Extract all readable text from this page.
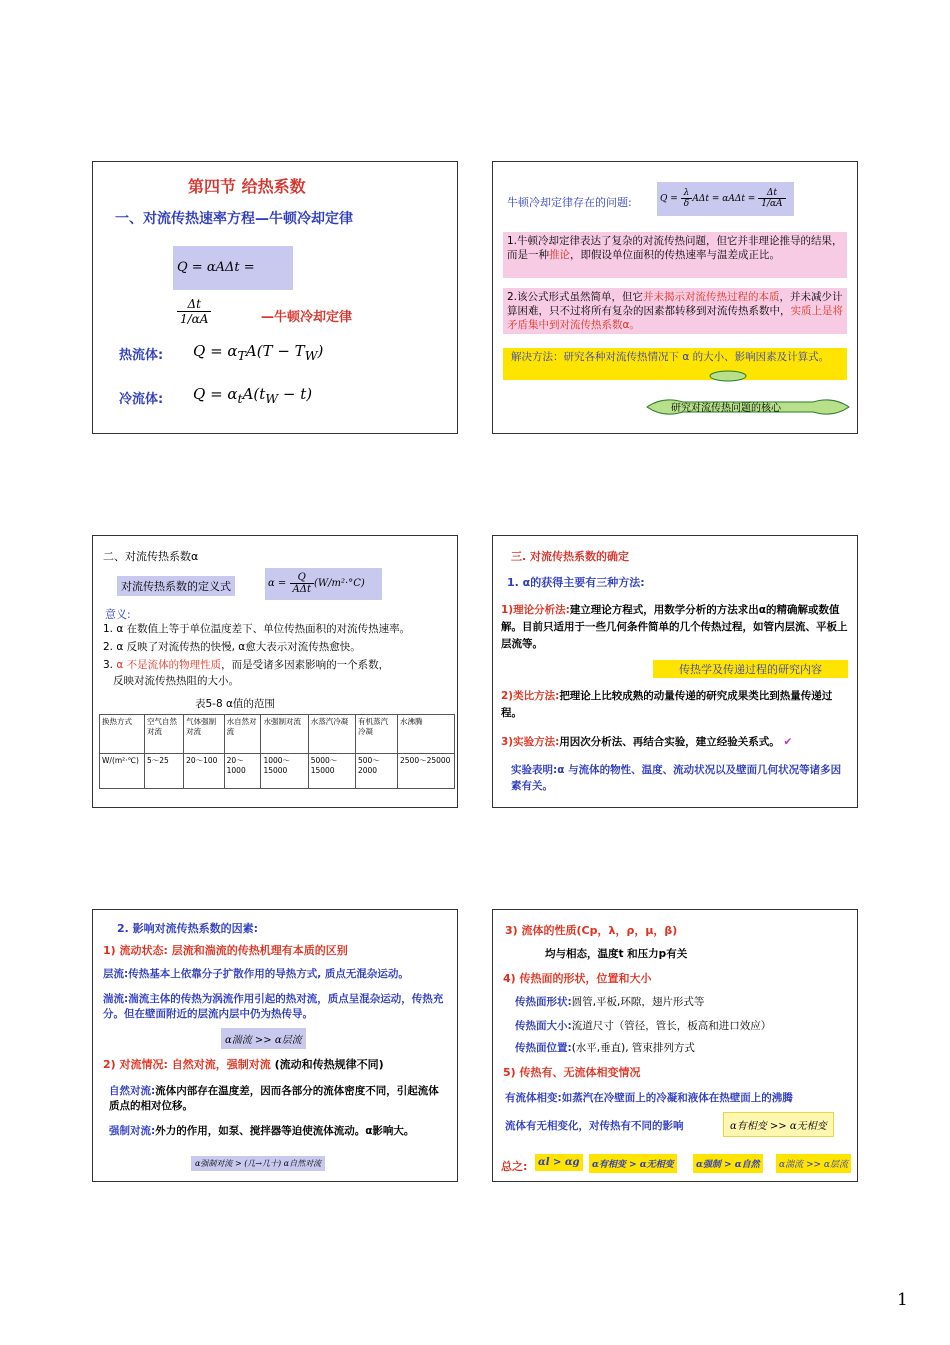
第四节 给热系数
一、对流传热速率方程—牛顿冷却定律
Q = αAΔt =
$\frac{\Delta t}{1/\alpha A}$	—牛顿冷却定律
热流体: $Q = \alpha_TA(T - T_W)$
冷流体: $Q = \alpha_tA(t_W - t)$
牛顿冷却定律存在的问题:	$Q = \frac{\lambda}{\delta}$ $A\Delta t = \alpha A\Delta t = \frac{\Delta t}{1/\alpha A}$
1.牛顿冷却定律表达了复杂的对流传热问题，但它并非理论推导的结果，而是一种推论，即假设单位面积的传热速率与温差成正比。
2.该公式形式虽然简单，但它并未揭示对流传热过程的本质，并未减少计算困难，只不过将所有复杂的因素都转移到对流传热系数中，实质上是将矛盾集中到对流传热系数α。
解决方法：研究各种对流传热情况下 α 的大小、影响因素及计算式。
研究对流传热问题的核心
二、对流传热系数α
对流传热系数的定义式	$\alpha = \frac{Q}{\text{AΔt}} (W/m^2\cdot^\circ C)$
意义:
1. α 在数值上等于单位温度差下、单位传热面积的对流传热速率。
2. α 反映了对流传热的快慢, α愈大表示对流传热愈快。
3. α 不是流体的物理性质，而是受诸多因素影响的一个系数，
反映对流传热热阻的大小。
表5-8 α值的范围
换热方式	空气自然对流	气体强制对流	水自然对流	水强制对流	水蒸汽冷凝	有机蒸汽冷凝	水沸腾
W/(m²·℃)	5～25	20～100	20～1000	1000～15000	5000～15000	500～2000	2500～25000
三. 对流传热系数的确定
1. α的获得主要有三种方法:
1)理论分析法:建立理论方程式，用数学分析的方法求出α的精确解或数值解。目前只适用于一些几何条件简单的几个传热过程，如管内层流、平板上层流等。
传热学及传递过程的研究内容
2)类比方法:把理论上比较成熟的动量传递的研究成果类比到热量传递过程。
3)实验方法:用因次分析法、再结合实验，建立经验关系式。 ✔
实验表明:α 与流体的物性、温度、流动状况以及壁面几何状况等诸多因素有关。
2. 影响对流传热系数的因素:
1) 流动状态: 层流和湍流的传热机理有本质的区别
层流:传热基本上依靠分子扩散作用的导热方式, 质点无混杂运动。
湍流:湍流主体的传热为涡流作用引起的热对流，质点呈混杂运动，传热充分。但在壁面附近的层流内层中仍为热传导。
α湍流 >> α层流
2) 对流情况: 自然对流，强制对流 (流动和传热规律不同)
自然对流:流体内部存在温度差，因而各部分的流体密度不同，引起流体质点的相对位移。
强制对流:外力的作用，如泵、搅拌器等迫使流体流动。α影响大。
α强制对流 > (几→几十) α自然对流
3) 流体的性质(Cp，λ，ρ，μ，β)
均与相态，温度t 和压力p有关
4) 传热面的形状，位置和大小
传热面形状:圆管,平板,环隙，翅片形式等
传热面大小:流道尺寸（管径，管长，板高和进口效应）
传热面位置:(水平,垂直), 管束排列方式
5) 传热有、无流体相变情况
有流体相变:如蒸汽在冷壁面上的冷凝和液体在热壁面上的沸腾
流体有无相变化，对传热有不同的影响	α有相变 >> α无相变
总之:	αl > αg	α有相变 > α无相变	α强制 > α自然	α湍流 >> α层流
1
